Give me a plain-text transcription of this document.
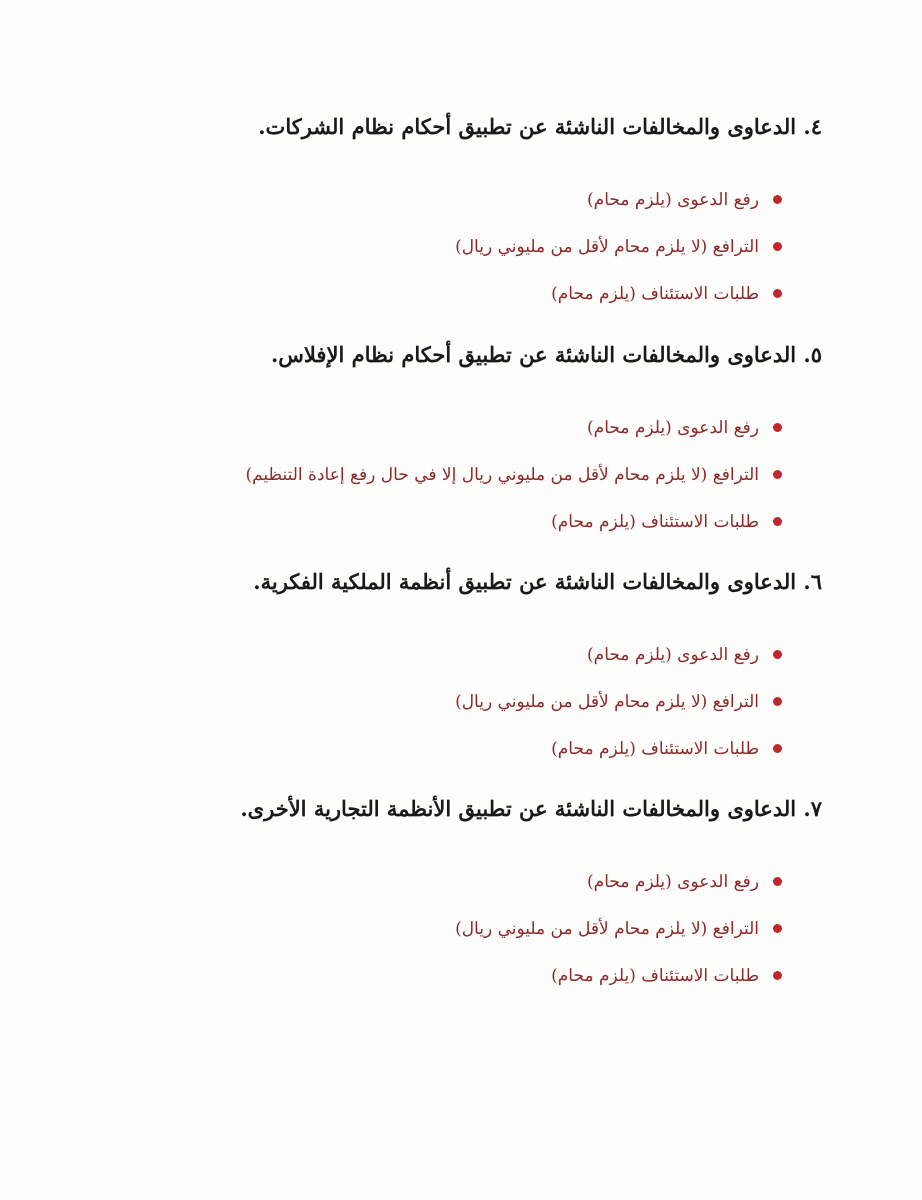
٤. الدعاوى والمخالفات الناشئة عن تطبيق أحكام نظام الشركات.
رفع الدعوى (يلزم محام)
الترافع (لا يلزم محام لأقل من مليوني ريال)
طلبات الاستئناف (يلزم محام)
٥. الدعاوى والمخالفات الناشئة عن تطبيق أحكام نظام الإفلاس.
رفع الدعوى (يلزم محام)
الترافع (لا يلزم محام لأقل من مليوني ريال إلا في حال رفع إعادة التنظيم)
طلبات الاستئناف (يلزم محام)
٦. الدعاوى والمخالفات الناشئة عن تطبيق أنظمة الملكية الفكرية.
رفع الدعوى (يلزم محام)
الترافع (لا يلزم محام لأقل من مليوني ريال)
طلبات الاستئناف (يلزم محام)
٧. الدعاوى والمخالفات الناشئة عن تطبيق الأنظمة التجارية الأخرى.
رفع الدعوى (يلزم محام)
الترافع (لا يلزم محام لأقل من مليوني ريال)
طلبات الاستئناف (يلزم محام)
